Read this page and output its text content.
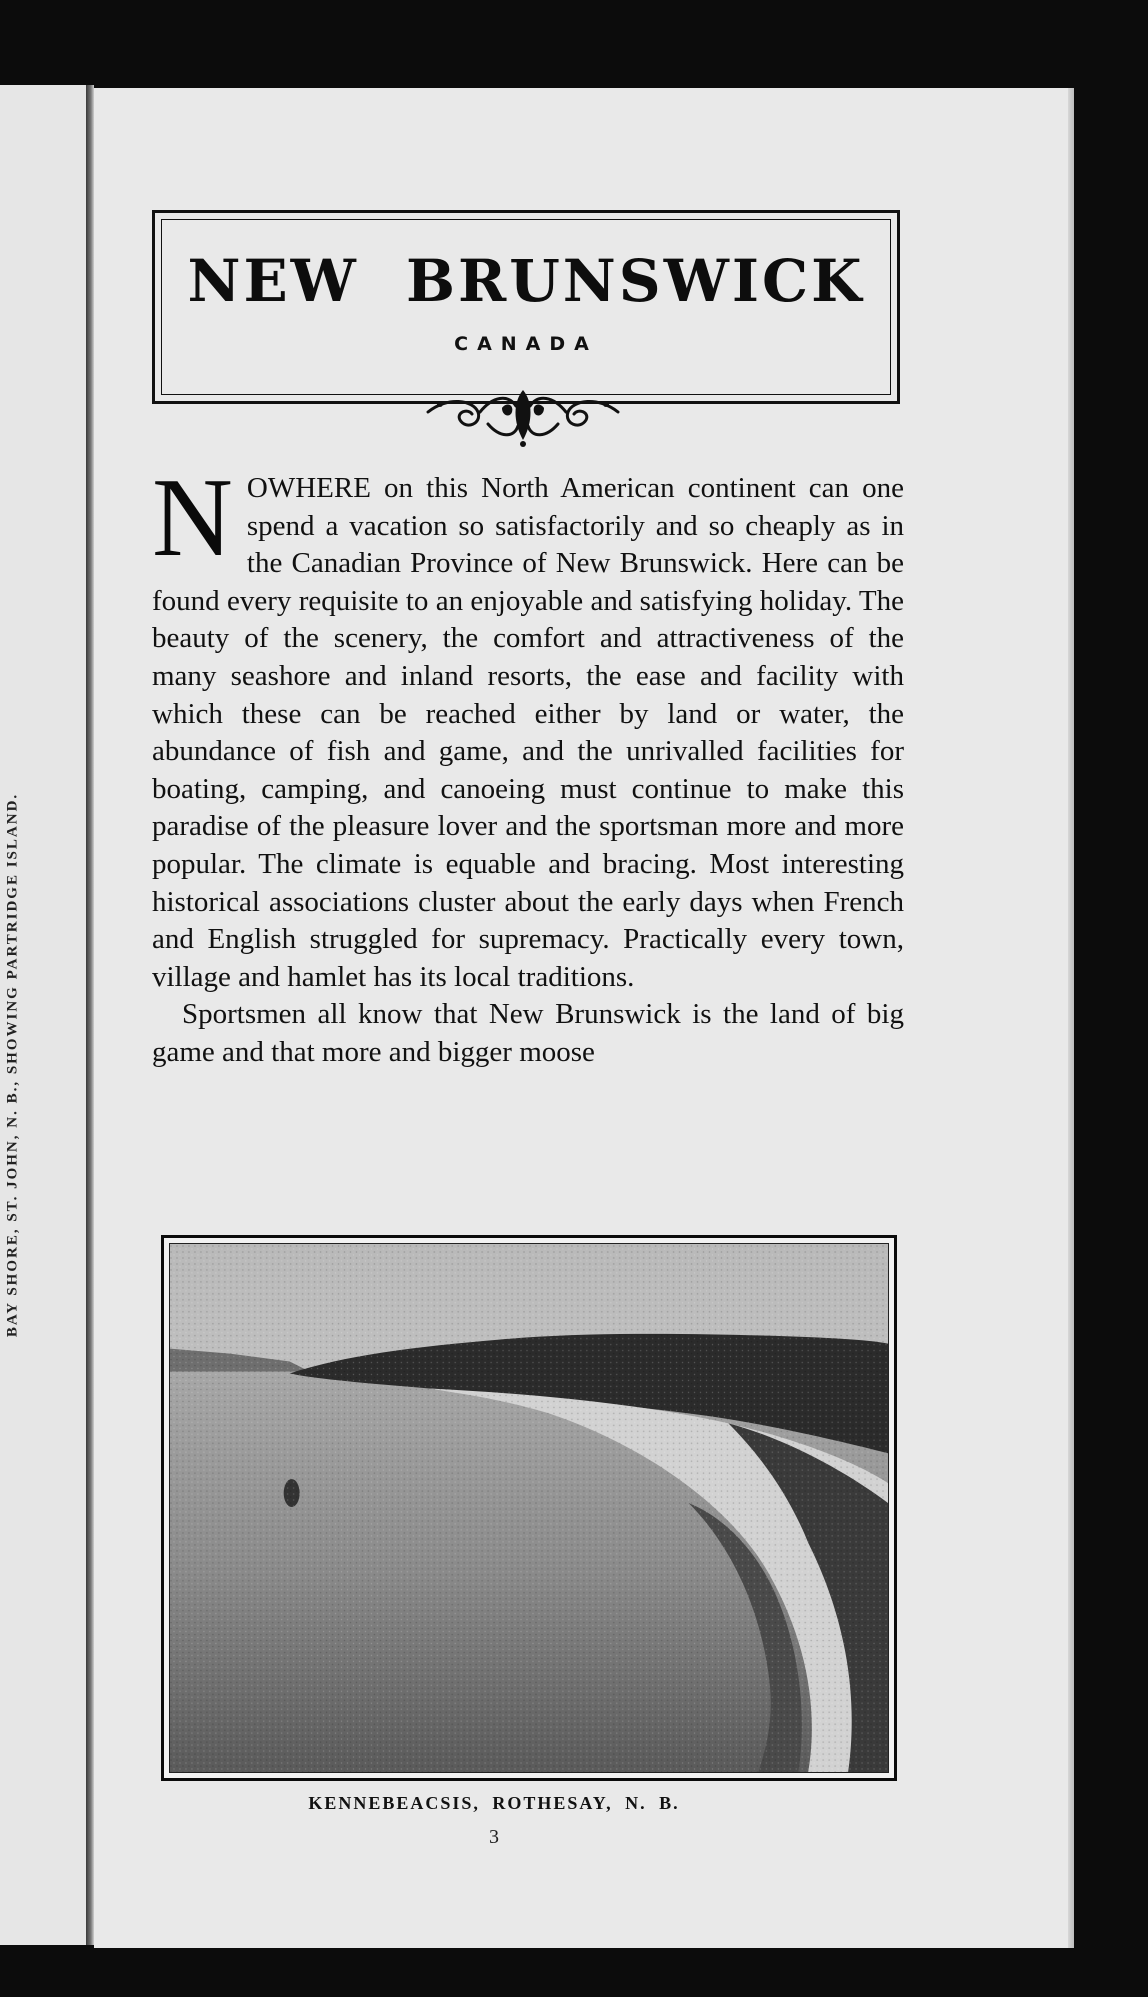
BAY SHORE, ST. JOHN, N. B., SHOWING PARTRIDGE ISLAND.
NEW BRUNSWICK
CANADA

NOWHERE on this North American continent can one spend a vacation so satisfactorily and so cheaply as in the Canadian Province of New Brunswick. Here can be found every requisite to an enjoyable and satisfying holiday. The beauty of the scenery, the comfort and attractiveness of the many seashore and inland resorts, the ease and facility with which these can be reached either by land or water, the abundance of fish and game, and the unrivalled facilities for boating, camping, and canoeing must continue to make this paradise of the pleasure lover and the sportsman more and more popular. The climate is equable and bracing. Most interesting historical associations cluster about the early days when French and English struggled for supremacy. Practically every town, village and hamlet has its local traditions.

Sportsmen all know that New Brunswick is the land of big game and that more and bigger moose

KENNEBEACSIS, ROTHESAY, N. B.
3
